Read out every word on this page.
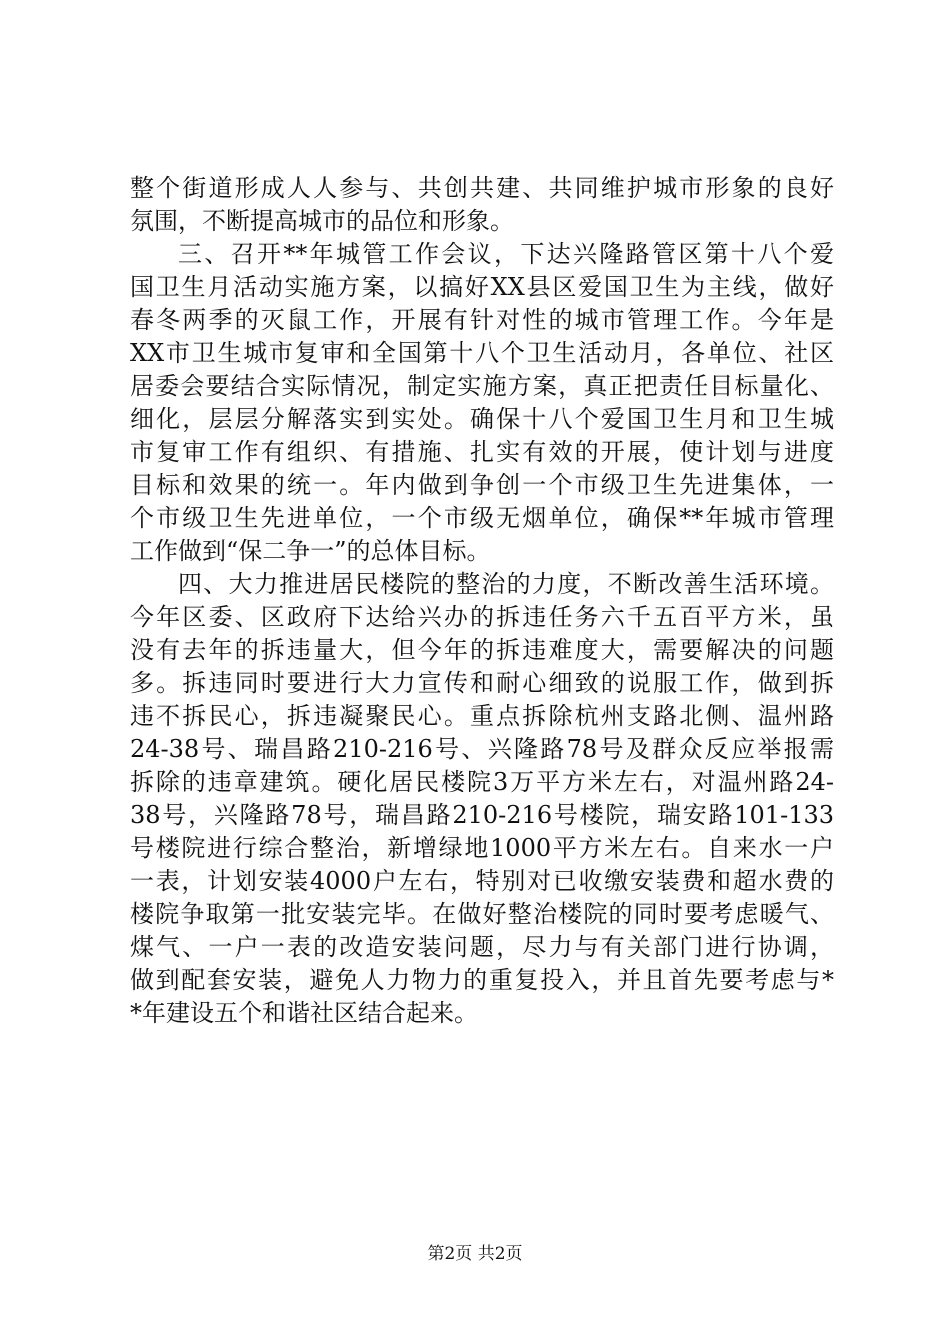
整个街道形成人人参与、共创共建、共同维护城市形象的良好
氛围，不断提高城市的品位和形象。
三、召开**年城管工作会议，下达兴隆路管区第十八个爱
国卫生月活动实施方案，以搞好XX县区爱国卫生为主线，做好
春冬两季的灭鼠工作，开展有针对性的城市管理工作。今年是
XX市卫生城市复审和全国第十八个卫生活动月，各单位、社区
居委会要结合实际情况，制定实施方案，真正把责任目标量化、
细化，层层分解落实到实处。确保十八个爱国卫生月和卫生城
市复审工作有组织、有措施、扎实有效的开展，使计划与进度
目标和效果的统一。年内做到争创一个市级卫生先进集体，一
个市级卫生先进单位，一个市级无烟单位，确保**年城市管理
工作做到“保二争一”的总体目标。
四、大力推进居民楼院的整治的力度，不断改善生活环境。
今年区委、区政府下达给兴办的拆违任务六千五百平方米，虽
没有去年的拆违量大，但今年的拆违难度大，需要解决的问题
多。拆违同时要进行大力宣传和耐心细致的说服工作，做到拆
违不拆民心，拆违凝聚民心。重点拆除杭州支路北侧、温州路
24-38号、瑞昌路210-216号、兴隆路78号及群众反应举报需
拆除的违章建筑。硬化居民楼院3万平方米左右，对温州路24-
38号，兴隆路78号，瑞昌路210-216号楼院，瑞安路101-133
号楼院进行综合整治，新增绿地1000平方米左右。自来水一户
一表，计划安装4000户左右，特别对已收缴安装费和超水费的
楼院争取第一批安装完毕。在做好整治楼院的同时要考虑暖气、
煤气、一户一表的改造安装问题，尽力与有关部门进行协调，
做到配套安装，避免人力物力的重复投入，并且首先要考虑与*
*年建设五个和谐社区结合起来。
第2页 共2页
